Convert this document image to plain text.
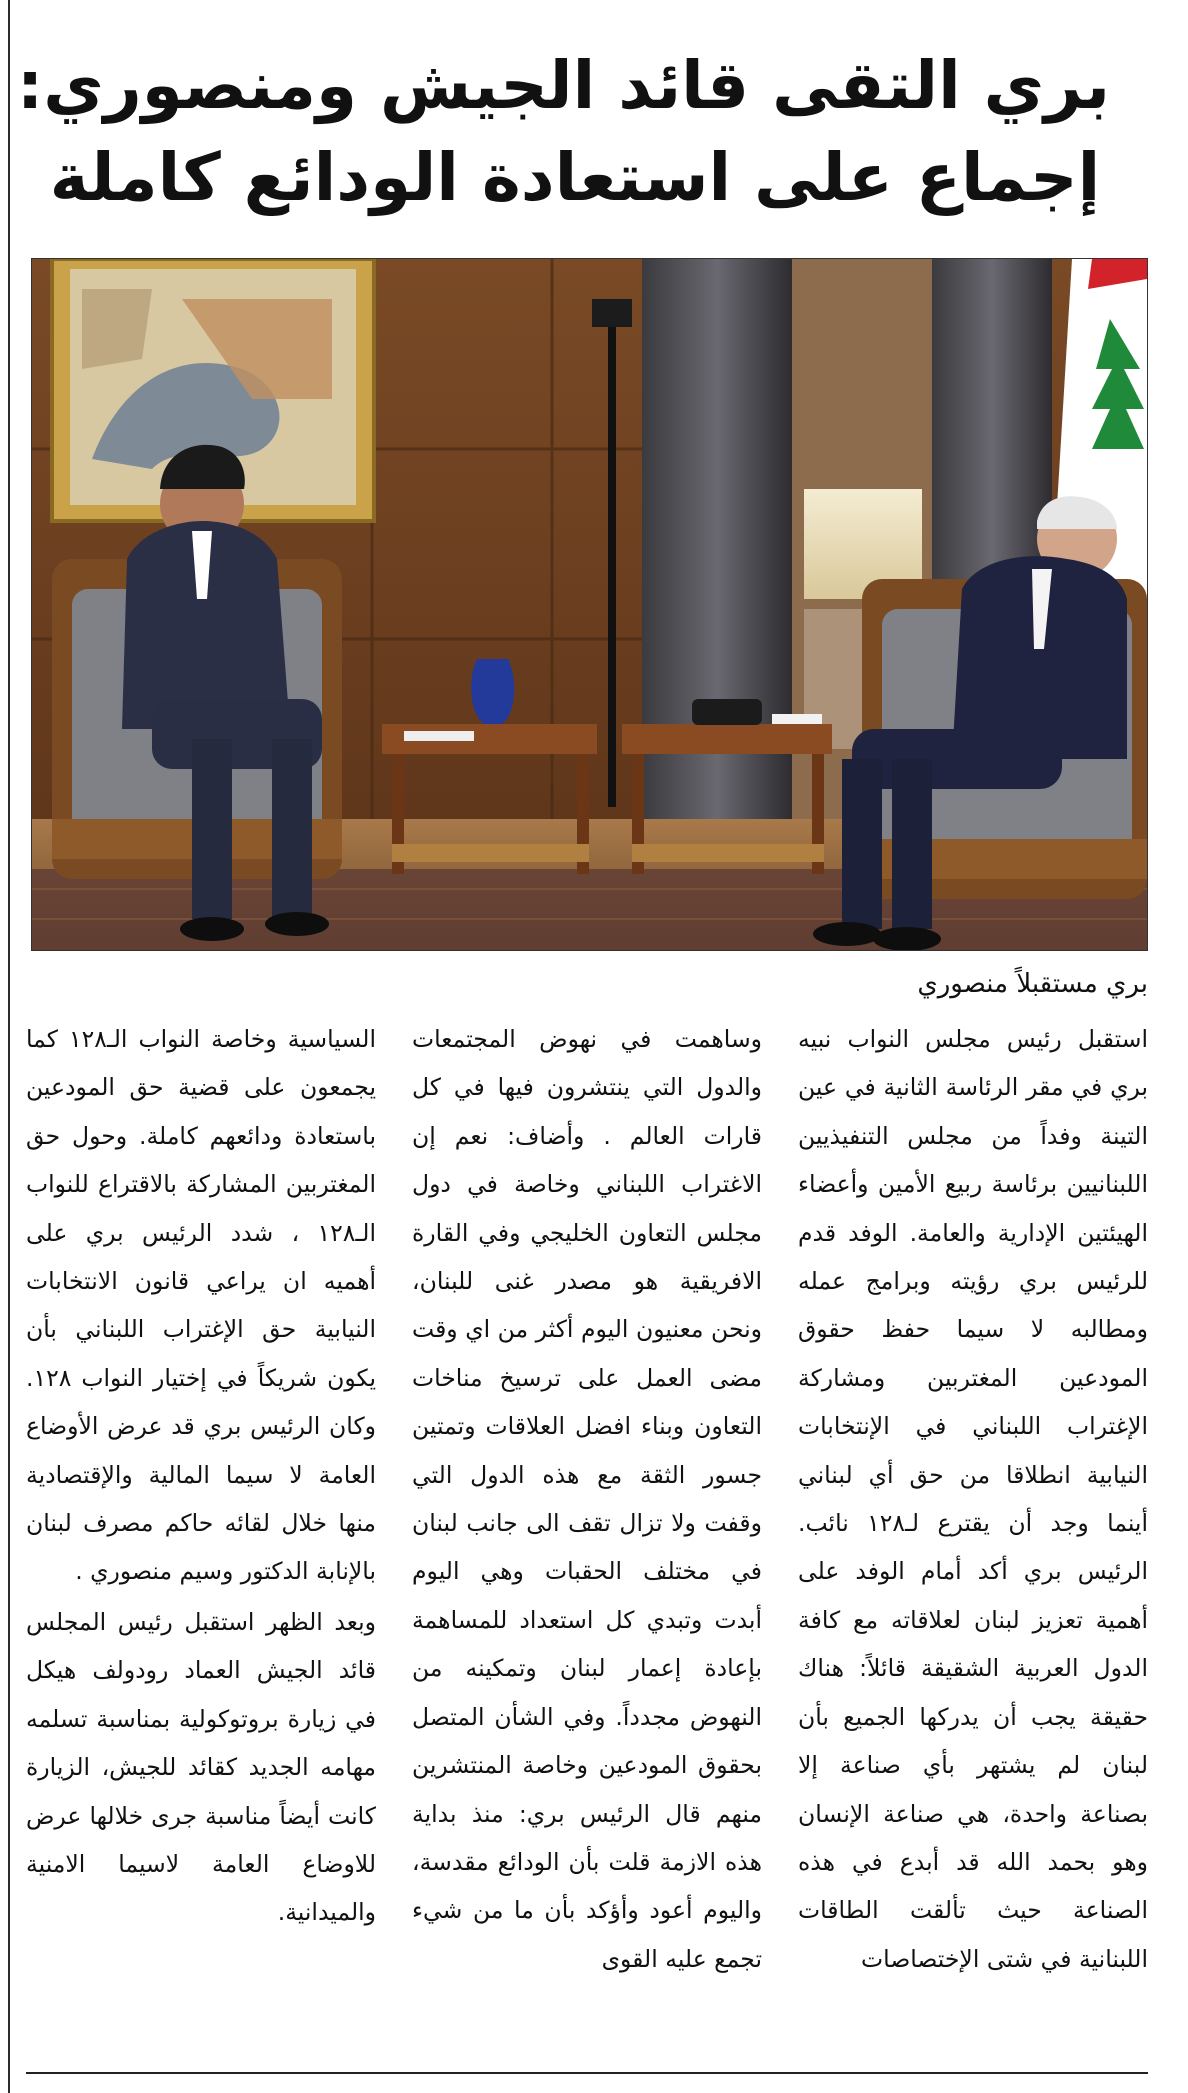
بري التقى قائد الجيش ومنصوري:
إجماع على استعادة الودائع كاملة
بري مستقبلاً منصوري

استقبل رئيس مجلس النواب نبيه بري في مقر الرئاسة الثانية في عين التينة وفداً من مجلس التنفيذيين اللبنانيين برئاسة ربيع الأمين وأعضاء الهيئتين الإدارية والعامة. الوفد قدم للرئيس بري رؤيته وبرامج عمله ومطالبه لا سيما حفظ حقوق المودعين المغتربين ومشاركة الإغتراب اللبناني في الإنتخابات النيابية انطلاقا من حق أي لبناني أينما وجد أن يقترع لـ١٢٨ نائب. الرئيس بري أكد أمام الوفد على أهمية تعزيز لبنان لعلاقاته مع كافة الدول العربية الشقيقة قائلاً: هناك حقيقة يجب أن يدركها الجميع بأن لبنان لم يشتهر بأي صناعة إلا بصناعة واحدة، هي صناعة الإنسان وهو بحمد الله قد أبدع في هذه الصناعة حيث تألقت الطاقات اللبنانية في شتى الإختصاصات

وساهمت في نهوض المجتمعات والدول التي ينتشرون فيها في كل قارات العالم . وأضاف: نعم إن الاغتراب اللبناني وخاصة في دول مجلس التعاون الخليجي وفي القارة الافريقية هو مصدر غنى للبنان، ونحن معنيون اليوم أكثر من اي وقت مضى العمل على ترسيخ مناخات التعاون وبناء افضل العلاقات وتمتين جسور الثقة مع هذه الدول التي وقفت ولا تزال تقف الى جانب لبنان في مختلف الحقبات وهي اليوم أبدت وتبدي كل استعداد للمساهمة بإعادة إعمار لبنان وتمكينه من النهوض مجدداً. وفي الشأن المتصل بحقوق المودعين وخاصة المنتشرين منهم قال الرئيس بري: منذ بداية هذه الازمة قلت بأن الودائع مقدسة، واليوم أعود وأؤكد بأن ما من شيء تجمع عليه القوى

السياسية وخاصة النواب الـ١٢٨ كما يجمعون على قضية حق المودعين باستعادة ودائعهم كاملة. وحول حق المغتربين المشاركة بالاقتراع للنواب الـ١٢٨ ، شدد الرئيس بري على أهميه ان يراعي قانون الانتخابات النيابية حق الإغتراب اللبناني بأن يكون شريكاً في إختيار النواب ١٢٨. وكان الرئيس بري قد عرض الأوضاع العامة لا سيما المالية والإقتصادية منها خلال لقائه حاكم مصرف لبنان بالإنابة الدكتور وسيم منصوري .

وبعد الظهر استقبل رئيس المجلس قائد الجيش العماد رودولف هيكل في زيارة بروتوكولية بمناسبة تسلمه مهامه الجديد كقائد للجيش، الزيارة كانت أيضاً مناسبة جرى خلالها عرض للاوضاع العامة لاسيما الامنية والميدانية.
